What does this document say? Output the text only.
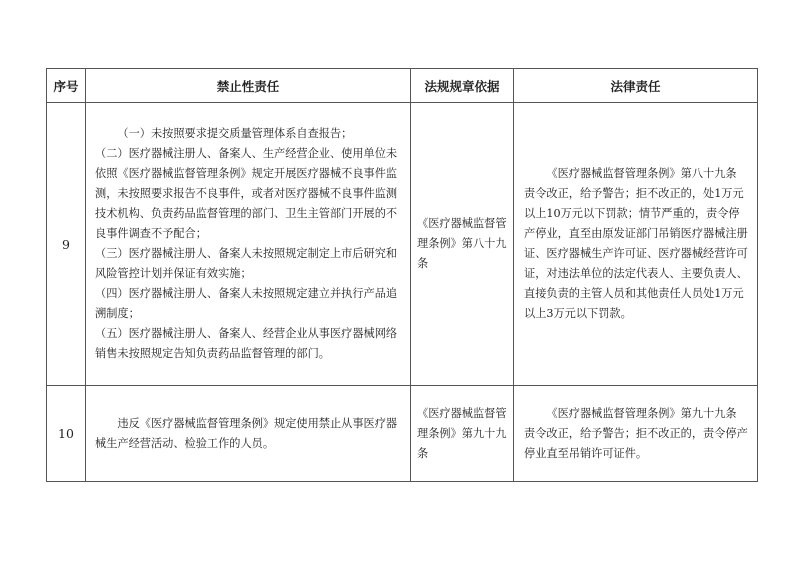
序号	禁止性责任	法规规章依据	法律责任
9	（一）未按照要求提交质量管理体系自查报告；

（二）医疗器械注册人、备案人、生产经营企业、使用单位未依照《医疗器械监督管理条例》规定开展医疗器械不良事件监测，未按照要求报告不良事件，或者对医疗器械不良事件监测技术机构、负责药品监督管理的部门、卫生主管部门开展的不良事件调查不予配合；

（三）医疗器械注册人、备案人未按照规定制定上市后研究和风险管控计划并保证有效实施；

（四）医疗器械注册人、备案人未按照规定建立并执行产品追溯制度；

（五）医疗器械注册人、备案人、经营企业从事医疗器械网络销售未按照规定告知负责药品监督管理的部门。	《医疗器械监督管理条例》第八十九条	《医疗器械监督管理条例》第八十九条 责令改正，给予警告；拒不改正的，处1万元以上10万元以下罚款；情节严重的，责令停产停业，直至由原发证部门吊销医疗器械注册证、医疗器械生产许可证、医疗器械经营许可证，对违法单位的法定代表人、主要负责人、直接负责的主管人员和其他责任人员处1万元以上3万元以下罚款。

10	违反《医疗器械监督管理条例》规定使用禁止从事医疗器械生产经营活动、检验工作的人员。	《医疗器械监督管理条例》第九十九条	《医疗器械监督管理条例》第九十九条 责令改正，给予警告；拒不改正的，责令停产停业直至吊销许可证件。
